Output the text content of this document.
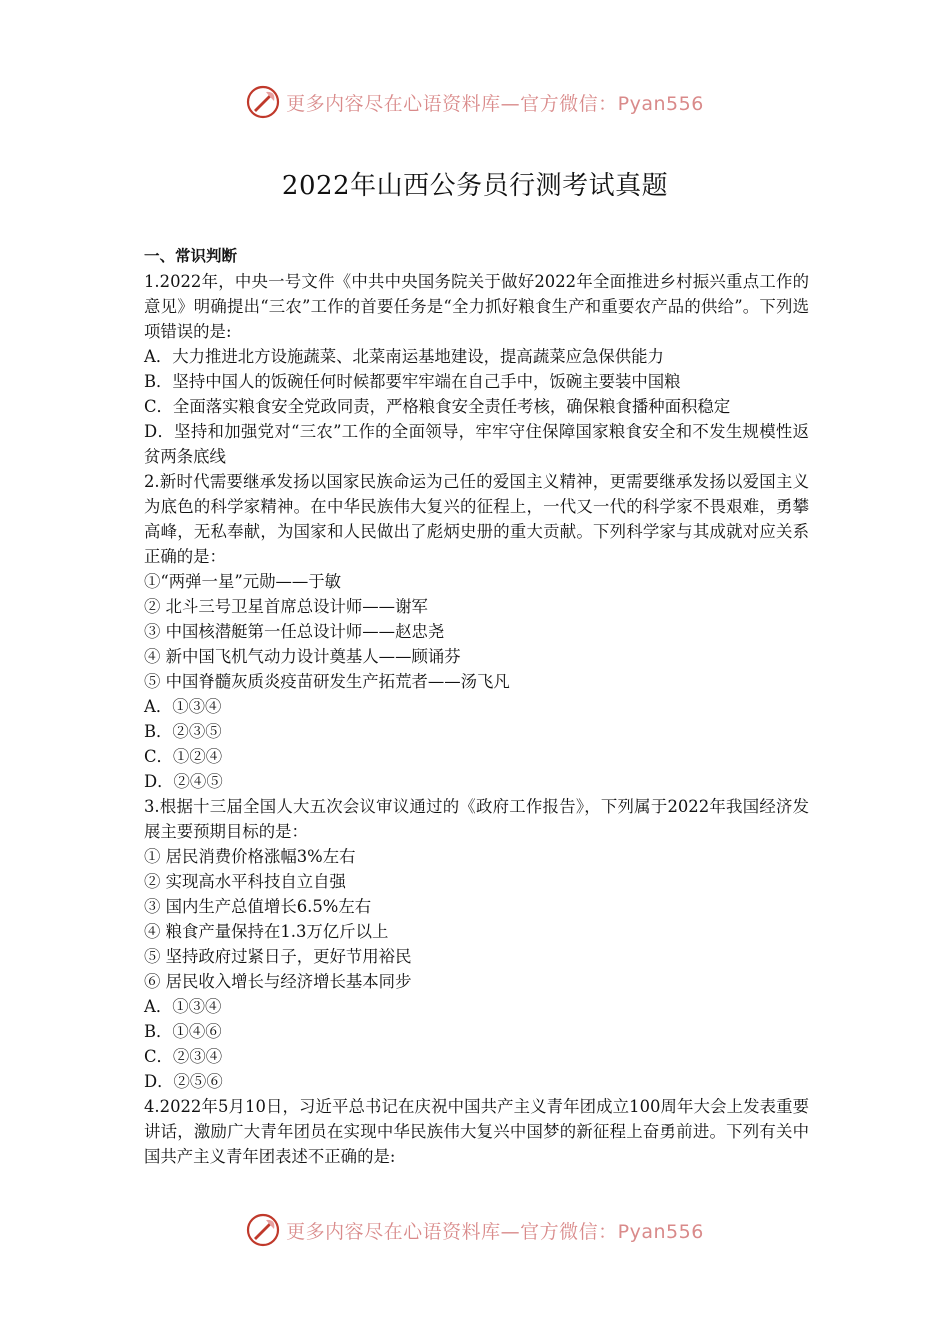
更多内容尽在心语资料库—官方微信：Pyan556
2022年山西公务员行测考试真题
一、常识判断
1.2022年，中央一号文件《中共中央国务院关于做好2022年全面推进乡村振兴重点工作的意见》明确提出“三农”工作的首要任务是“全力抓好粮食生产和重要农产品的供给”。下列选项错误的是:
A．大力推进北方设施蔬菜、北菜南运基地建设，提高蔬菜应急保供能力
B．坚持中国人的饭碗任何时候都要牢牢端在自己手中，饭碗主要装中国粮
C．全面落实粮食安全党政同责，严格粮食安全责任考核，确保粮食播种面积稳定
D．坚持和加强党对“三农”工作的全面领导，牢牢守住保障国家粮食安全和不发生规模性返贫两条底线
2.新时代需要继承发扬以国家民族命运为己任的爱国主义精神，更需要继承发扬以爱国主义为底色的科学家精神。在中华民族伟大复兴的征程上，一代又一代的科学家不畏艰难，勇攀高峰，无私奉献，为国家和人民做出了彪炳史册的重大贡献。下列科学家与其成就对应关系正确的是：
①“两弹一星”元勋——于敏
② 北斗三号卫星首席总设计师——谢军
③ 中国核潜艇第一任总设计师——赵忠尧
④ 新中国飞机气动力设计奠基人——顾诵芬
⑤ 中国脊髓灰质炎疫苗研发生产拓荒者——汤飞凡
A．①③④
B．②③⑤
C．①②④
D．②④⑤
3.根据十三届全国人大五次会议审议通过的《政府工作报告》，下列属于2022年我国经济发展主要预期目标的是：
① 居民消费价格涨幅3%左右
② 实现高水平科技自立自强
③ 国内生产总值增长6.5%左右
④ 粮食产量保持在1.3万亿斤以上
⑤ 坚持政府过紧日子，更好节用裕民
⑥ 居民收入增长与经济增长基本同步
A．①③④
B．①④⑥
C．②③④
D．②⑤⑥
4.2022年5月10日，习近平总书记在庆祝中国共产主义青年团成立100周年大会上发表重要讲话，激励广大青年团员在实现中华民族伟大复兴中国梦的新征程上奋勇前进。下列有关中国共产主义青年团表述不正确的是:
更多内容尽在心语资料库—官方微信：Pyan556
